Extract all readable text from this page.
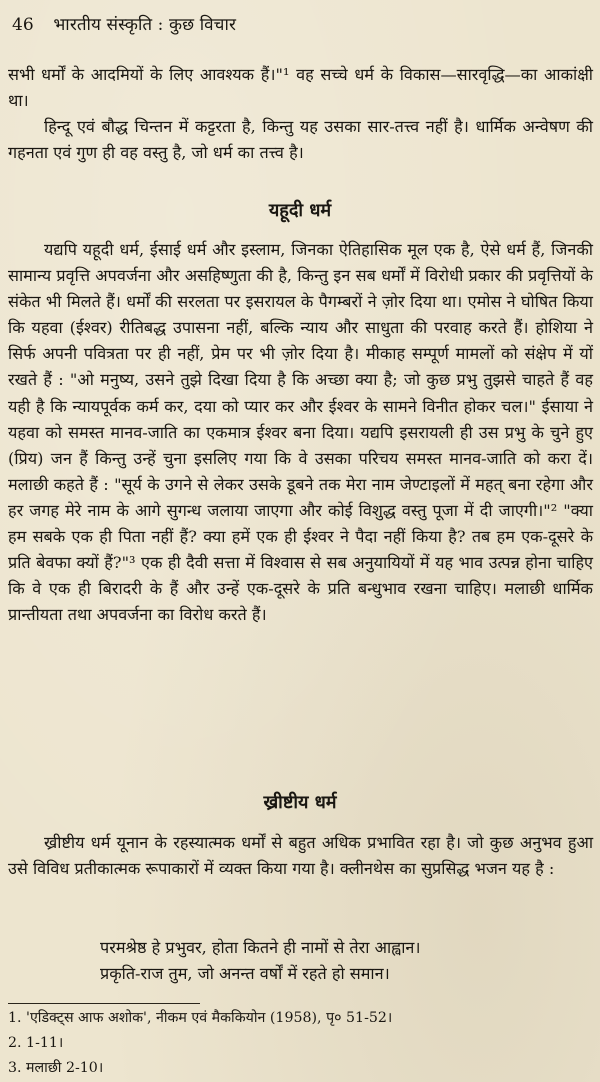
46 भारतीय संस्कृति : कुछ विचार

सभी धर्मों के आदमियों के लिए आवश्यक हैं।"¹ वह सच्चे धर्म के विकास—सारवृद्धि—का आकांक्षी था।

हिन्दू एवं बौद्ध चिन्तन में कट्टरता है, किन्तु यह उसका सार-तत्त्व नहीं है। धार्मिक अन्वेषण की गहनता एवं गुण ही वह वस्तु है, जो धर्म का तत्त्व है।

यहूदी धर्म

यद्यपि यहूदी धर्म, ईसाई धर्म और इस्लाम, जिनका ऐतिहासिक मूल एक है, ऐसे धर्म हैं, जिनकी सामान्य प्रवृत्ति अपवर्जना और असहिष्णुता की है, किन्तु इन सब धर्मों में विरोधी प्रकार की प्रवृत्तियों के संकेत भी मिलते हैं। धर्मों की सरलता पर इसरायल के पैगम्बरों ने ज़ोर दिया था। एमोस ने घोषित किया कि यहवा (ईश्वर) रीतिबद्ध उपासना नहीं, बल्कि न्याय और साधुता की परवाह करते हैं। होशिया ने सिर्फ अपनी पवित्रता पर ही नहीं, प्रेम पर भी ज़ोर दिया है। मीकाह सम्पूर्ण मामलों को संक्षेप में यों रखते हैं : "ओ मनुष्य, उसने तुझे दिखा दिया है कि अच्छा क्या है; जो कुछ प्रभु तुझसे चाहते हैं वह यही है कि न्यायपूर्वक कर्म कर, दया को प्यार कर और ईश्वर के सामने विनीत होकर चल।" ईसाया ने यहवा को समस्त मानव-जाति का एकमात्र ईश्वर बना दिया। यद्यपि इसरायली ही उस प्रभु के चुने हुए (प्रिय) जन हैं किन्तु उन्हें चुना इसलिए गया कि वे उसका परिचय समस्त मानव-जाति को करा दें। मलाछी कहते हैं : "सूर्य के उगने से लेकर उसके डूबने तक मेरा नाम जेण्टाइलों में महत् बना रहेगा और हर जगह मेरे नाम के आगे सुगन्ध जलाया जाएगा और कोई विशुद्ध वस्तु पूजा में दी जाएगी।"² "क्या हम सबके एक ही पिता नहीं हैं? क्या हमें एक ही ईश्वर ने पैदा नहीं किया है? तब हम एक-दूसरे के प्रति बेवफा क्यों हैं?"³ एक ही दैवी सत्ता में विश्वास से सब अनुयायियों में यह भाव उत्पन्न होना चाहिए कि वे एक ही बिरादरी के हैं और उन्हें एक-दूसरे के प्रति बन्धुभाव रखना चाहिए। मलाछी धार्मिक प्रान्तीयता तथा अपवर्जना का विरोध करते हैं।

ख्रीष्टीय धर्म

ख्रीष्टीय धर्म यूनान के रहस्यात्मक धर्मों से बहुत अधिक प्रभावित रहा है। जो कुछ अनुभव हुआ उसे विविध प्रतीकात्मक रूपाकारों में व्यक्त किया गया है। क्लीनथेस का सुप्रसिद्ध भजन यह है :

परमश्रेष्ठ हे प्रभुवर, होता कितने ही नामों से तेरा आह्वान।
प्रकृति-राज तुम, जो अनन्त वर्षों में रहते हो समान।
1. 'एडिक्ट्स आफ अशोक', नीकम एवं मैककियोन (1958), पृ० 51-52।
2. 1-11।
3. मलाछी 2-10।
